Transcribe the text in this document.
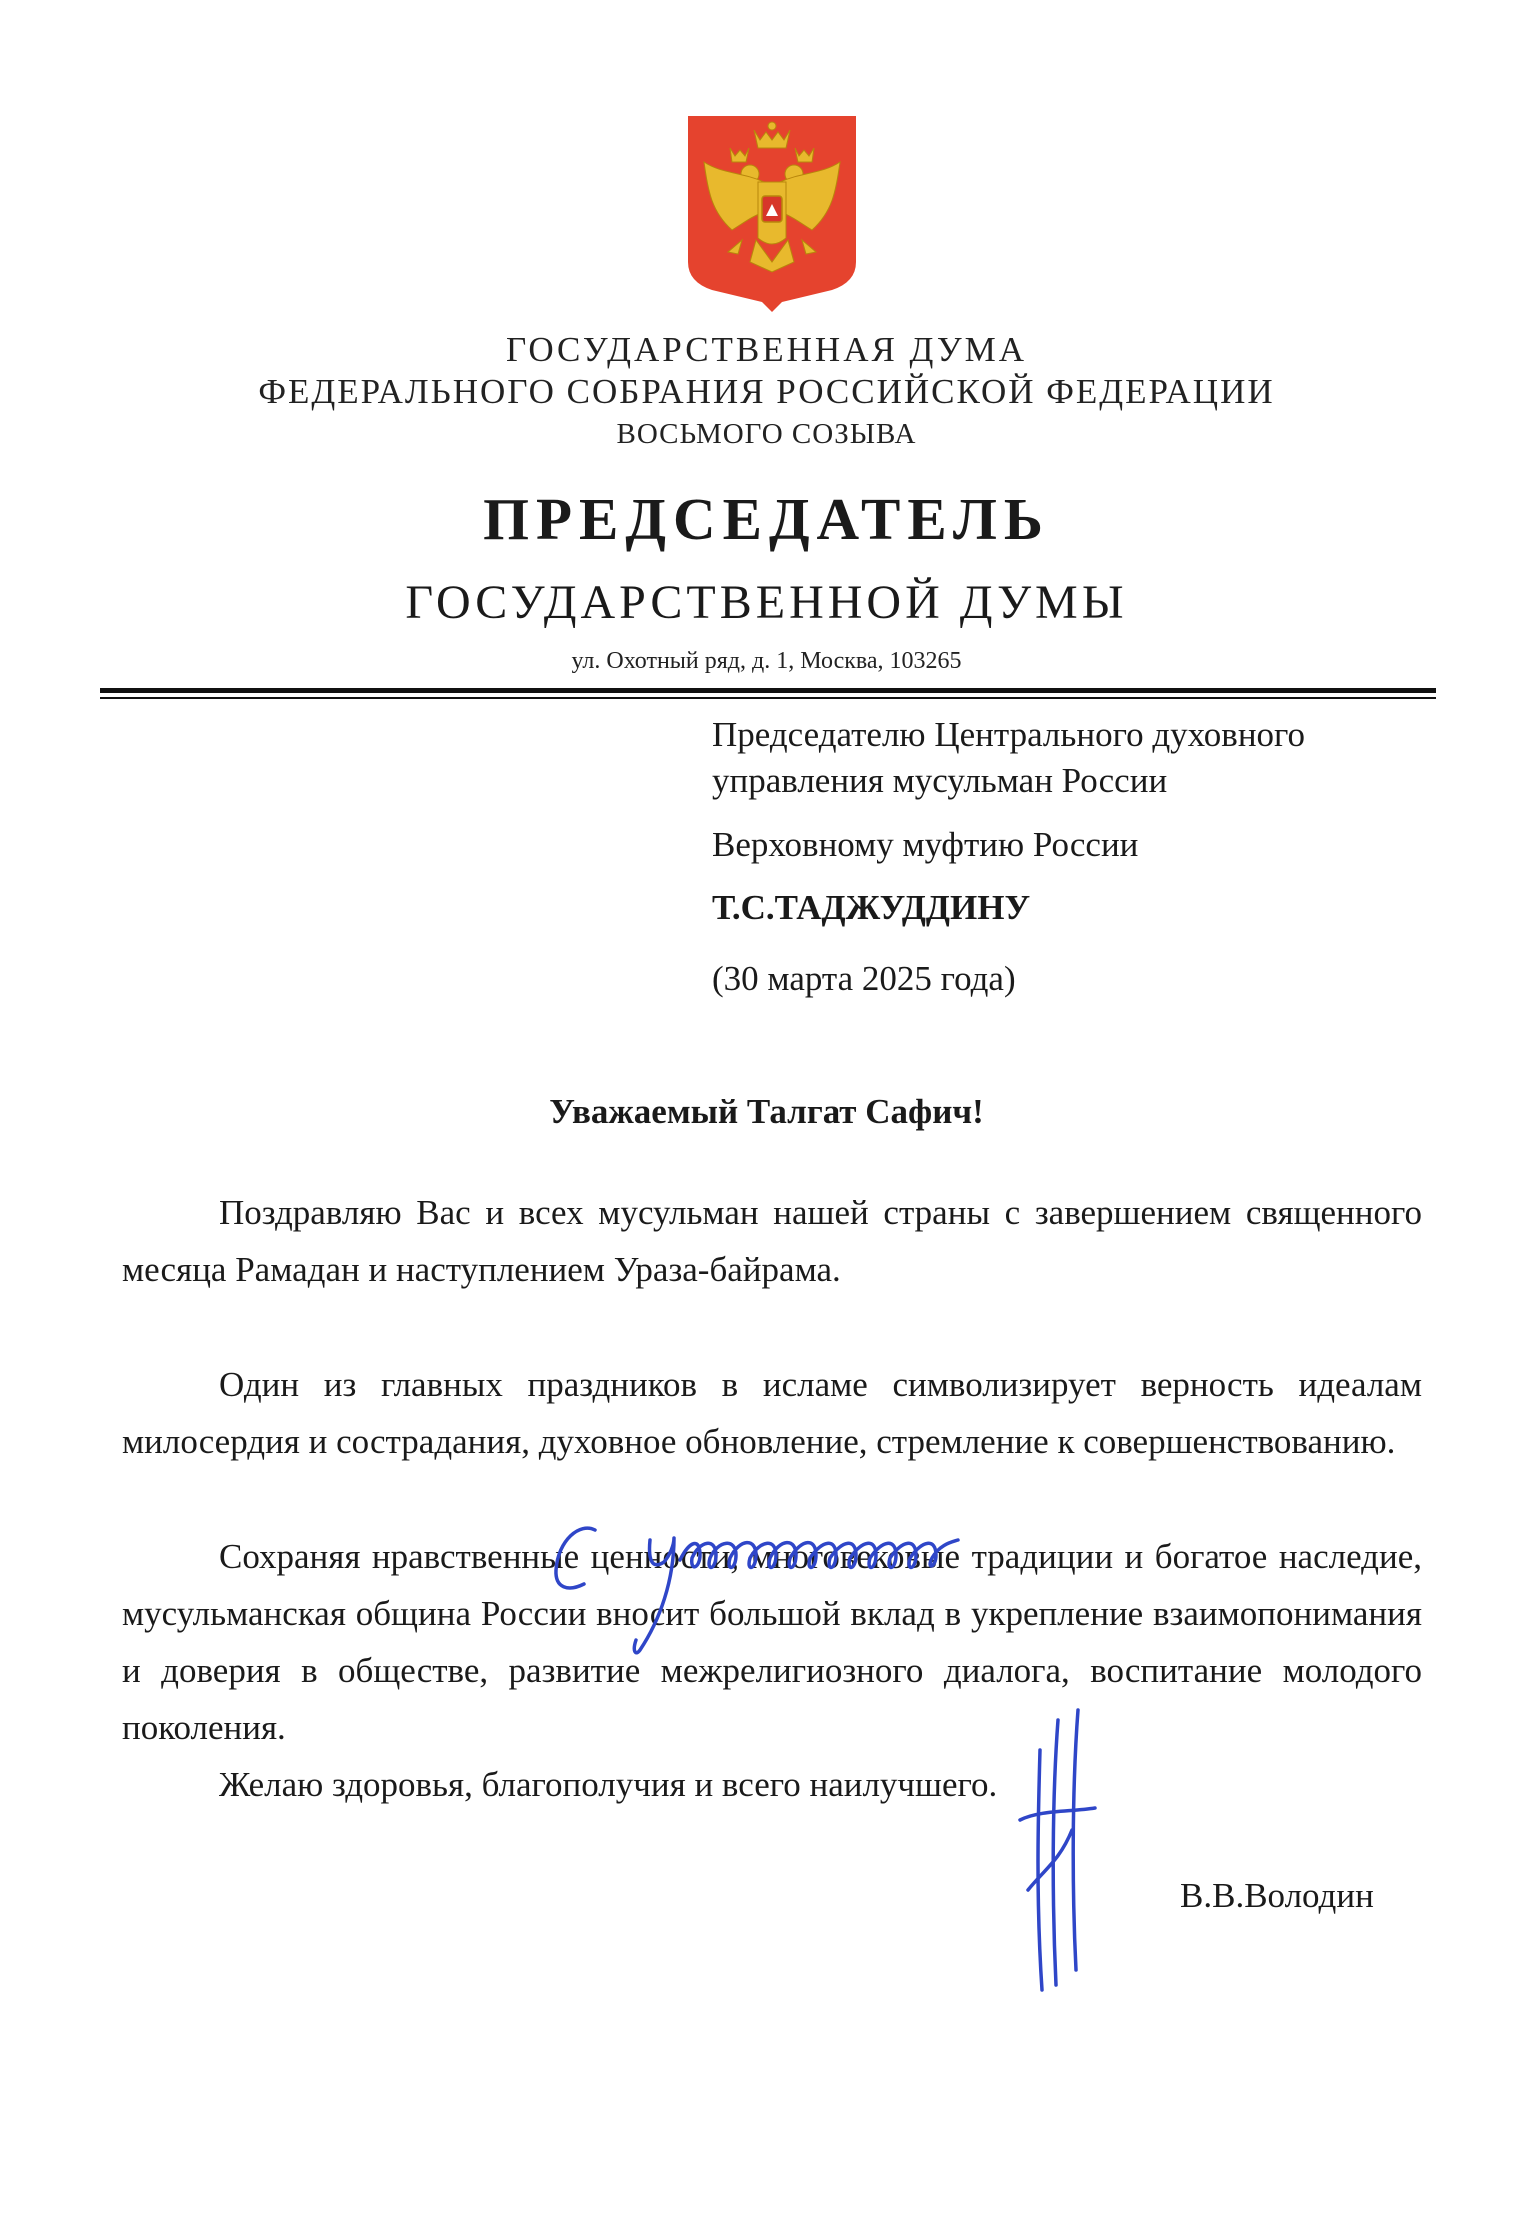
ГОСУДАРСТВЕННАЯ ДУМА
ФЕДЕРАЛЬНОГО СОБРАНИЯ РОССИЙСКОЙ ФЕДЕРАЦИИ
ВОСЬМОГО СОЗЫВА
ПРЕДСЕДАТЕЛЬ
ГОСУДАРСТВЕННОЙ ДУМЫ
ул. Охотный ряд, д. 1, Москва, 103265
Председателю Центрального духовного
управления мусульман России
Верховному муфтию России
Т.С.ТАДЖУДДИНУ
(30 марта 2025 года)
Уважаемый Талгат Сафич!
Поздравляю Вас и всех мусульман нашей страны с завершением священного месяца Рамадан и наступлением Ураза-байрама.
Один из главных праздников в исламе символизирует верность идеалам милосердия и сострадания, духовное обновление, стремление к совершенствованию.
Сохраняя нравственные ценности, многовековые традиции и богатое наследие, мусульманская община России вносит большой вклад в укрепление взаимопонимания и доверия в обществе, развитие межрелигиозного диалога, воспитание молодого поколения.
Желаю здоровья, благополучия и всего наилучшего.
В.В.Володин
